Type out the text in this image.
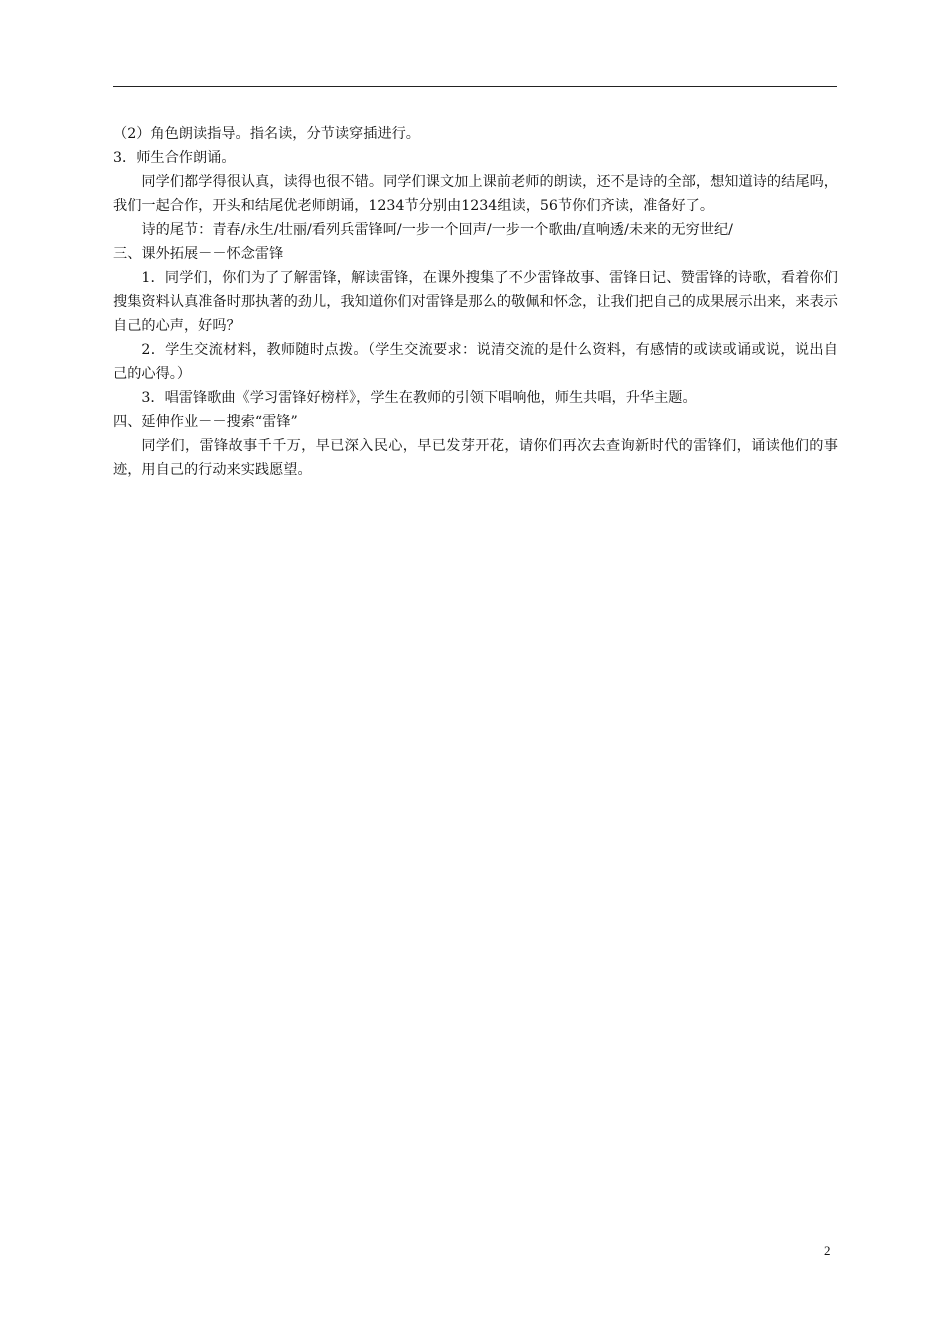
（2）角色朗读指导。指名读，分节读穿插进行。

3．师生合作朗诵。

同学们都学得很认真，读得也很不错。同学们课文加上课前老师的朗读，还不是诗的全部，想知道诗的结尾吗，我们一起合作，开头和结尾优老师朗诵，1234节分别由1234组读，56节你们齐读，准备好了。

诗的尾节：青春/永生/壮丽/看列兵雷锋呵/一步一个回声/一步一个歌曲/直响透/未来的无穷世纪/

三、课外拓展－－怀念雷锋

1．同学们，你们为了了解雷锋，解读雷锋，在课外搜集了不少雷锋故事、雷锋日记、赞雷锋的诗歌，看着你们搜集资料认真准备时那执著的劲儿，我知道你们对雷锋是那么的敬佩和怀念，让我们把自己的成果展示出来，来表示自己的心声，好吗？

2．学生交流材料，教师随时点拨。（学生交流要求：说清交流的是什么资料，有感情的或读或诵或说，说出自己的心得。）

3．唱雷锋歌曲《学习雷锋好榜样》，学生在教师的引领下唱响他，师生共唱，升华主题。

四、延伸作业－－搜索“雷锋”

同学们，雷锋故事千千万，早已深入民心，早已发芽开花，请你们再次去查询新时代的雷锋们，诵读他们的事迹，用自己的行动来实践愿望。

2
